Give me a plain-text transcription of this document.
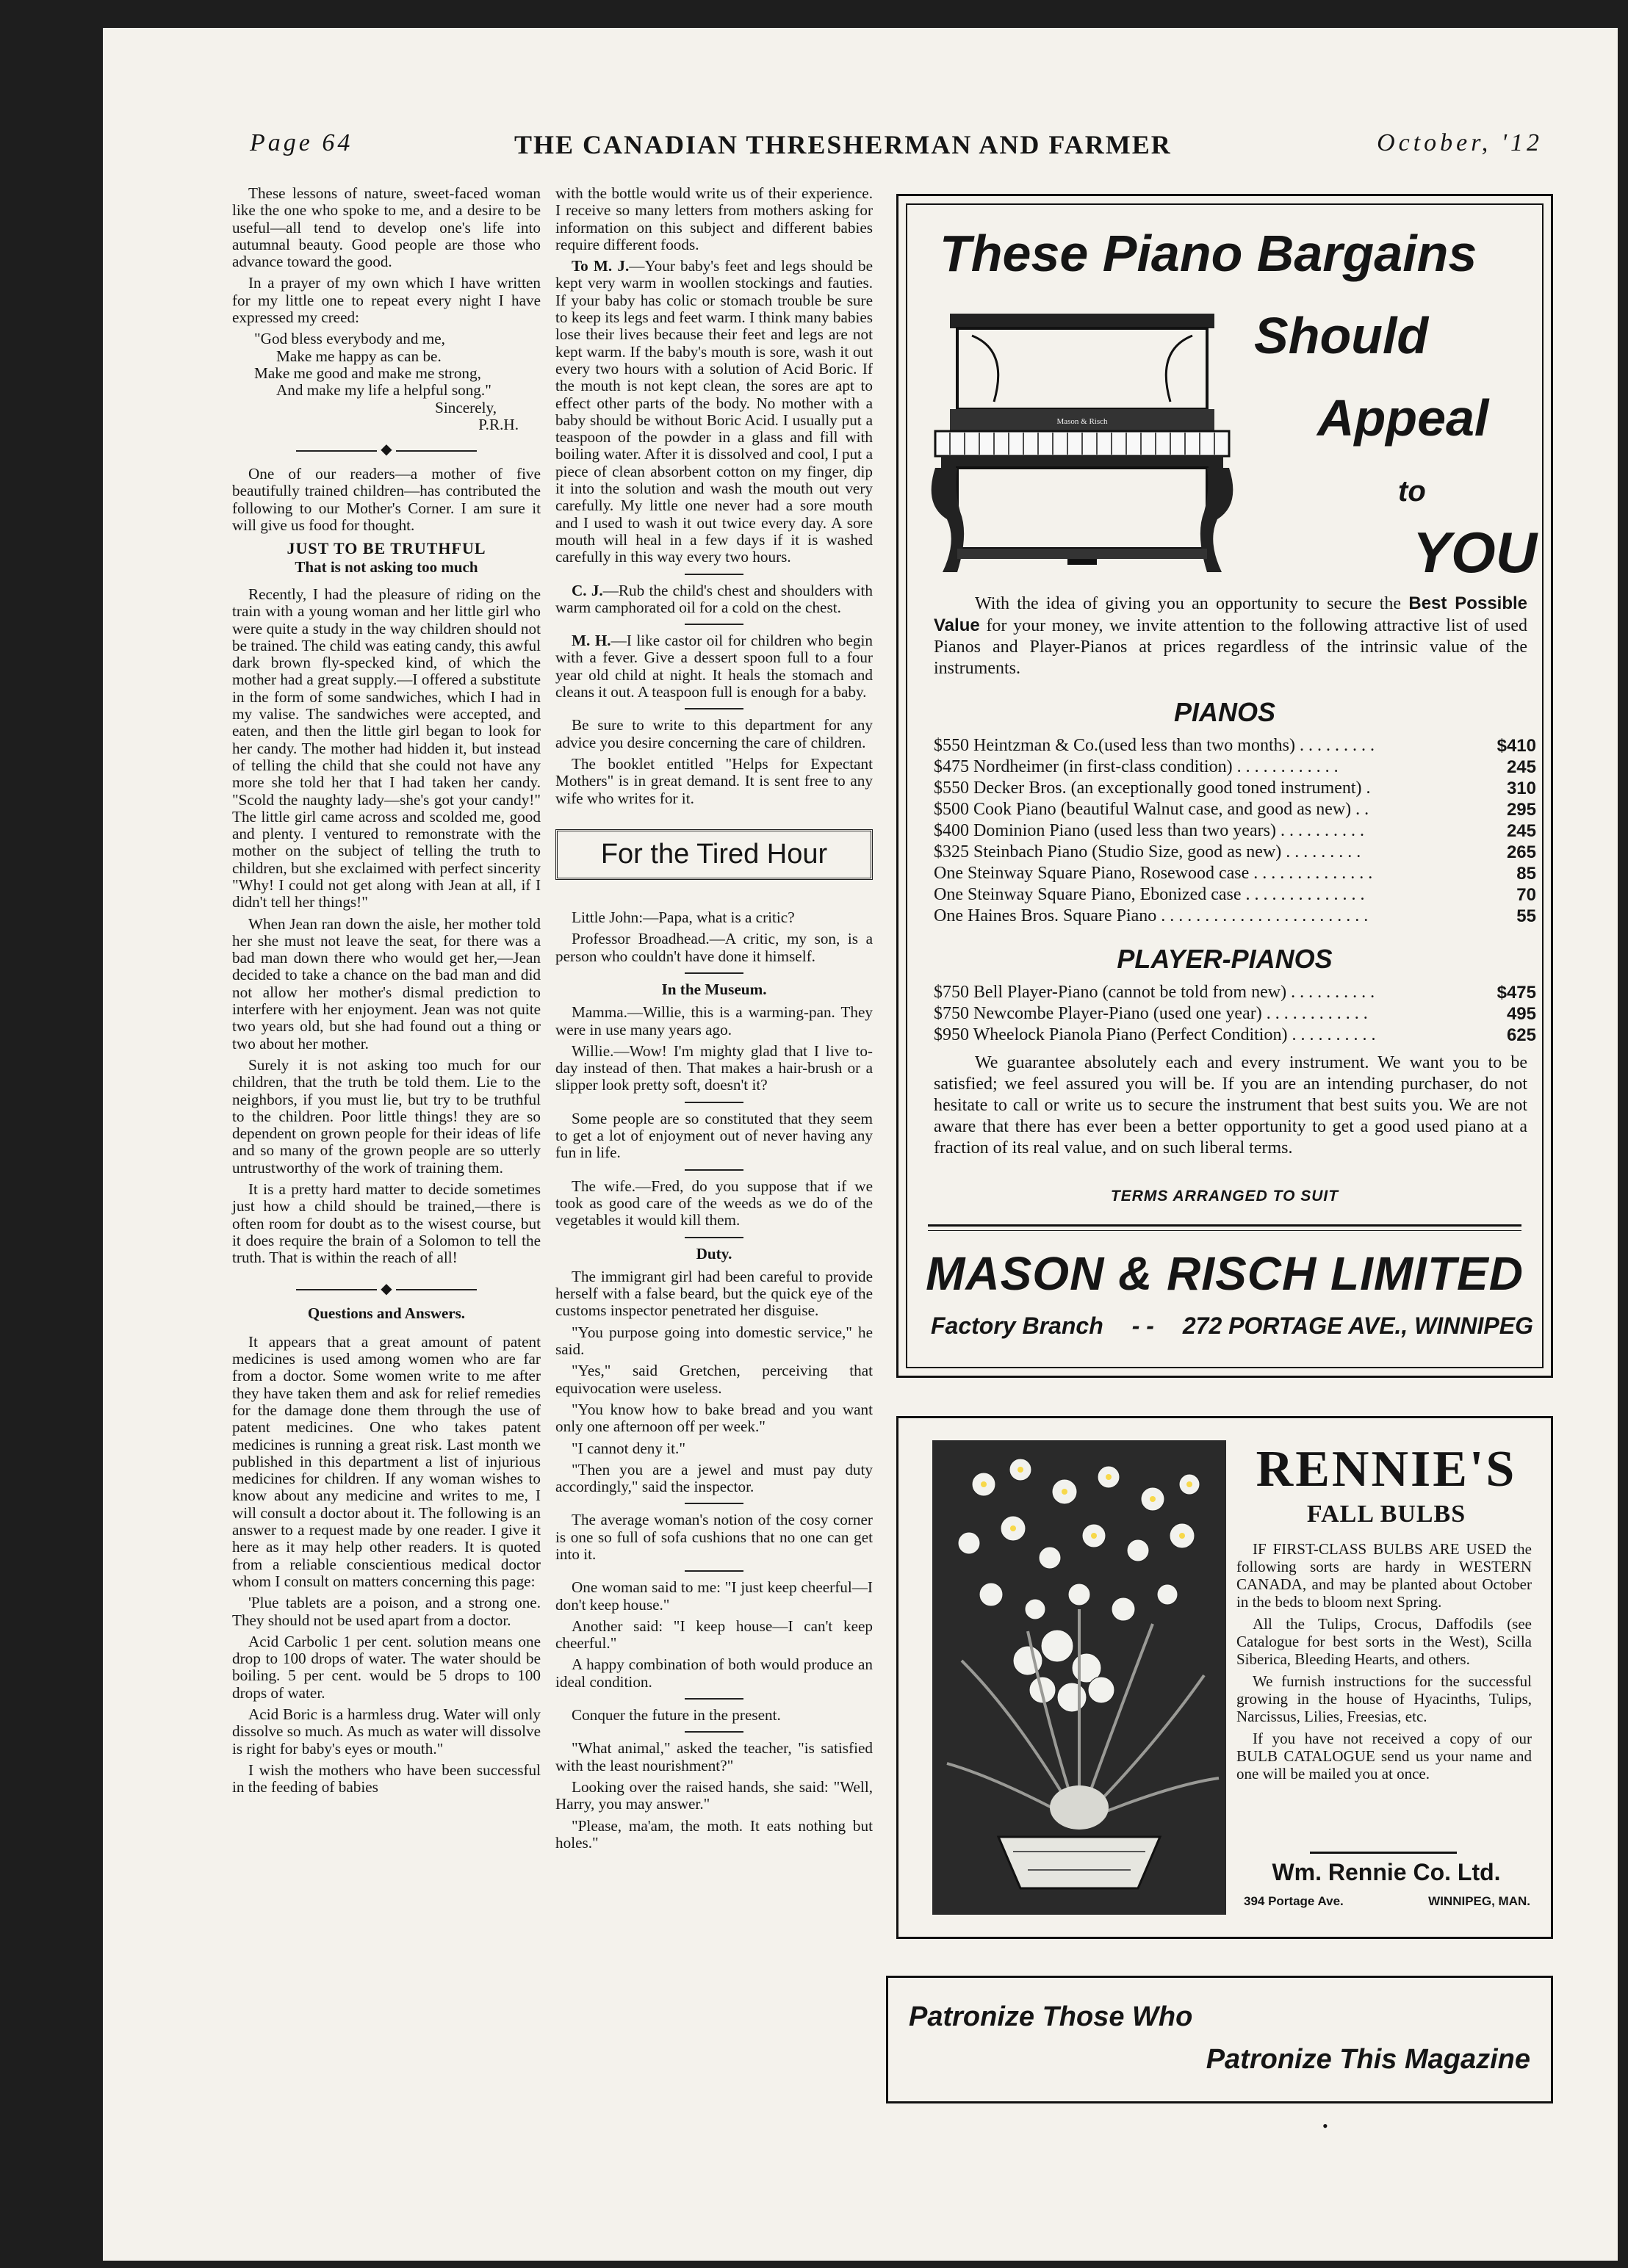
Page 64	THE CANADIAN THRESHERMAN AND FARMER	October, '12

These lessons of nature, sweet-faced woman like the one who spoke to me, and a desire to be useful—all tend to develop one's life into autumnal beauty. Good people are those who advance toward the good.

In a prayer of my own which I have written for my little one to repeat every night I have expressed my creed:

"God bless everybody and me,

Make me happy as can be.

Make me good and make me strong,

And make my life a helpful song."

Sincerely,

P.R.H.

◆

One of our readers—a mother of five beautifully trained children—has contributed the following to our Mother's Corner. I am sure it will give us food for thought.

JUST TO BE TRUTHFUL
That is not asking too much

Recently, I had the pleasure of riding on the train with a young woman and her little girl who were quite a study in the way children should not be trained. The child was eating candy, this awful dark brown fly-specked kind, of which the mother had a great supply.—I offered a substitute in the form of some sandwiches, which I had in my valise. The sandwiches were accepted, and eaten, and then the little girl began to look for her candy. The mother had hidden it, but instead of telling the child that she could not have any more she told her that I had taken her candy. "Scold the naughty lady—she's got your candy!" The little girl came across and scolded me, good and plenty. I ventured to remonstrate with the mother on the subject of telling the truth to children, but she exclaimed with perfect sincerity "Why! I could not get along with Jean at all, if I didn't tell her things!"

When Jean ran down the aisle, her mother told her she must not leave the seat, for there was a bad man down there who would get her,—Jean decided to take a chance on the bad man and did not allow her mother's dismal prediction to interfere with her enjoyment. Jean was not quite two years old, but she had found out a thing or two about her mother.

Surely it is not asking too much for our children, that the truth be told them. Lie to the neighbors, if you must lie, but try to be truthful to the children. Poor little things! they are so dependent on grown people for their ideas of life and so many of the grown people are so utterly untrustworthy of the work of training them.

It is a pretty hard matter to decide sometimes just how a child should be trained,—there is often room for doubt as to the wisest course, but it does require the brain of a Solomon to tell the truth. That is within the reach of all!

◆
Questions and Answers.

It appears that a great amount of patent medicines is used among women who are far from a doctor. Some women write to me after they have taken them and ask for relief remedies for the damage done them through the use of patent medicines. One who takes patent medicines is running a great risk. Last month we published in this department a list of injurious medicines for children. If any woman wishes to know about any medicine and writes to me, I will consult a doctor about it. The following is an answer to a request made by one reader. I give it here as it may help other readers. It is quoted from a reliable conscientious medical doctor whom I consult on matters concerning this page:

'Plue tablets are a poison, and a strong one. They should not be used apart from a doctor.

Acid Carbolic 1 per cent. solution means one drop to 100 drops of water. The water should be boiling. 5 per cent. would be 5 drops to 100 drops of water.

Acid Boric is a harmless drug. Water will only dissolve so much. As much as water will dissolve is right for baby's eyes or mouth."

I wish the mothers who have been successful in the feeding of babies

with the bottle would write us of their experience. I receive so many letters from mothers asking for information on this subject and different babies require different foods.

To M. J.—Your baby's feet and legs should be kept very warm in woollen stockings and fauties. If your baby has colic or stomach trouble be sure to keep its legs and feet warm. I think many babies lose their lives because their feet and legs are not kept warm. If the baby's mouth is sore, wash it out every two hours with a solution of Acid Boric. If the mouth is not kept clean, the sores are apt to effect other parts of the body. No mother with a baby should be without Boric Acid. I usually put a teaspoon of the powder in a glass and fill with boiling water. After it is dissolved and cool, I put a piece of clean absorbent cotton on my finger, dip it into the solution and wash the mouth out very carefully. My little one never had a sore mouth and I used to wash it out twice every day. A sore mouth will heal in a few days if it is washed carefully in this way every two hours.

C. J.—Rub the child's chest and shoulders with warm camphorated oil for a cold on the chest.

M. H.—I like castor oil for children who begin with a fever. Give a dessert spoon full to a four year old child at night. It heals the stomach and cleans it out. A teaspoon full is enough for a baby.

Be sure to write to this department for any advice you desire concerning the care of children.

The booklet entitled "Helps for Expectant Mothers" is in great demand. It is sent free to any wife who writes for it.

For the Tired Hour

Little John:—Papa, what is a critic?

Professor Broadhead.—A critic, my son, is a person who couldn't have done it himself.

In the Museum.

Mamma.—Willie, this is a warming-pan. They were in use many years ago.

Willie.—Wow! I'm mighty glad that I live to-day instead of then. That makes a hair-brush or a slipper look pretty soft, doesn't it?

Some people are so constituted that they seem to get a lot of enjoyment out of never having any fun in life.

The wife.—Fred, do you suppose that if we took as good care of the weeds as we do of the vegetables it would kill them.

Duty.

The immigrant girl had been careful to provide herself with a false beard, but the quick eye of the customs inspector penetrated her disguise.

"You purpose going into domestic service," he said.

"Yes," said Gretchen, perceiving that equivocation were useless.

"You know how to bake bread and you want only one afternoon off per week."

"I cannot deny it."

"Then you are a jewel and must pay duty accordingly," said the inspector.

The average woman's notion of the cosy corner is one so full of sofa cushions that no one can get into it.

One woman said to me: "I just keep cheerful—I don't keep house."

Another said: "I keep house—I can't keep cheerful."

A happy combination of both would produce an ideal condition.

Conquer the future in the present.

"What animal," asked the teacher, "is satisfied with the least nourishment?"

Looking over the raised hands, she said: "Well, Harry, you may answer."

"Please, ma'am, the moth. It eats nothing but holes."

These Piano Bargains
Should
Appeal
to
YOU
Mason & Risch
With the idea of giving you an opportunity to secure the Best Possible Value for your money, we invite attention to the following attractive list of used Pianos and Player-Pianos at prices regardless of the intrinsic value of the instruments.
PIANOS
$550 Heintzman & Co.(used less than two months) . . . . . . . . .	$410
$475 Nordheimer (in first-class condition) . . . . . . . . . . . .	245
$550 Decker Bros. (an exceptionally good toned instrument) .	310
$500 Cook Piano (beautiful Walnut case, and good as new) . .	295
$400 Dominion Piano (used less than two years) . . . . . . . . . .	245
$325 Steinbach Piano (Studio Size, good as new) . . . . . . . . .	265
One Steinway Square Piano, Rosewood case . . . . . . . . . . . . . .	85
One Steinway Square Piano, Ebonized case . . . . . . . . . . . . . .	70
One Haines Bros. Square Piano . . . . . . . . . . . . . . . . . . . . . . . .	55
PLAYER-PIANOS
$750 Bell Player-Piano (cannot be told from new) . . . . . . . . . .	$475
$750 Newcombe Player-Piano (used one year) . . . . . . . . . . . .	495
$950 Wheelock Pianola Piano (Perfect Condition) . . . . . . . . . .	625
We guarantee absolutely each and every instrument. We want you to be satisfied; we feel assured you will be. If you are an intending purchaser, do not hesitate to call or write us to secure the instrument that best suits you. We are not aware that there has ever been a better opportunity to get a good used piano at a fraction of its real value, and on such liberal terms.
TERMS ARRANGED TO SUIT
MASON & RISCH LIMITED
Factory Branch - - 272 PORTAGE AVE., WINNIPEG
RENNIE'S
FALL BULBS

IF FIRST-CLASS BULBS ARE USED the following sorts are hardy in WESTERN CANADA, and may be planted about October in the beds to bloom next Spring.

All the Tulips, Crocus, Daffodils (see Catalogue for best sorts in the West), Scilla Siberica, Bleeding Hearts, and others.

We furnish instructions for the successful growing in the house of Hyacinths, Tulips, Narcissus, Lilies, Freesias, etc.

If you have not received a copy of our BULB CATALOGUE send us your name and one will be mailed you at once.

Wm. Rennie Co. Ltd.
394 Portage Ave.	WINNIPEG, MAN.
Patronize Those Who
Patronize This Magazine
•
